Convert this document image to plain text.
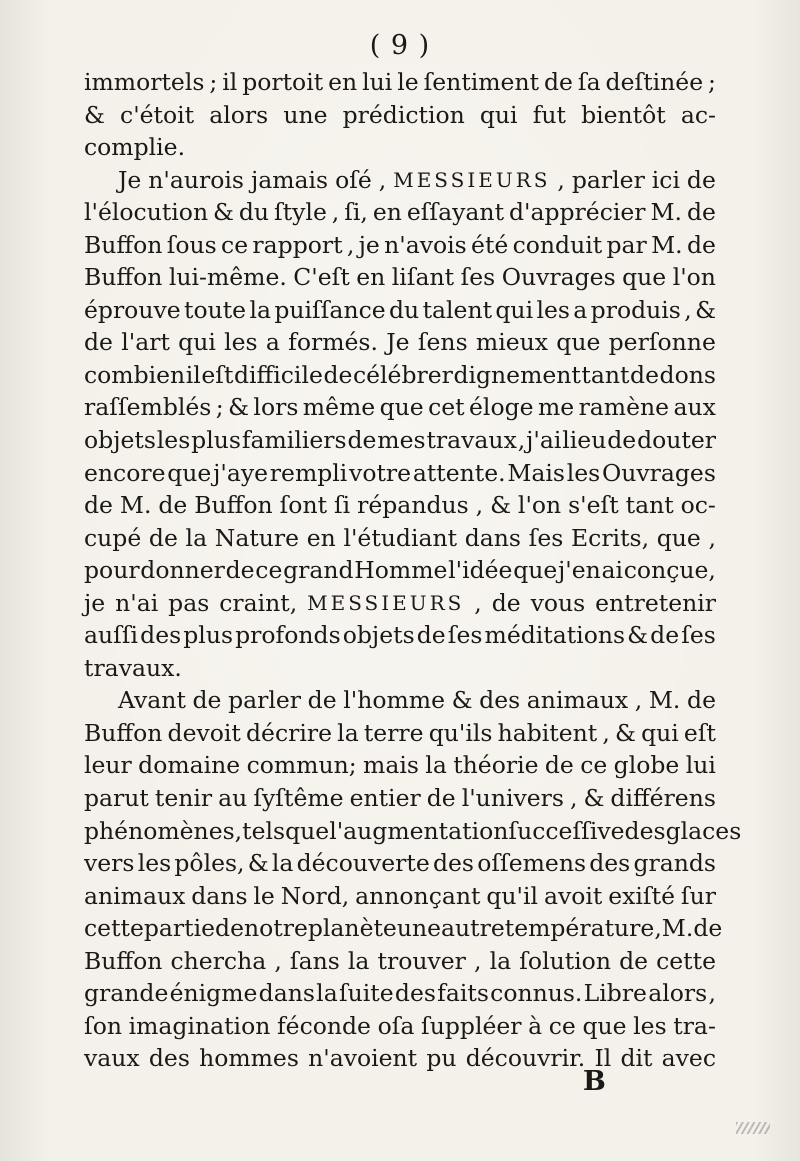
( 9 )
immortels ; il portoit en lui le ſentiment de ſa deſtinée ;
& c'étoit alors une prédiction qui fut bientôt ac-
complie.
Je n'aurois jamais oſé , MESSIEURS , parler ici de
l'élocution & du ſtyle , ſi, en eſſayant d'apprécier M. de
Buffon ſous ce rapport , je n'avois été conduit par M. de
Buffon lui-même. C'eſt en liſant ſes Ouvrages que l'on
éprouve toute la puiſſance du talent qui les a produis , &
de l'art qui les a formés. Je ſens mieux que perſonne
combien il eſt difficile de célébrer dignement tant de dons
raſſemblés ; & lors même que cet éloge me ramène aux
objets les plus familiers de mes travaux , j'ai lieu de douter
encore que j'aye rempli votre attente. Mais les Ouvrages
de M. de Buffon ſont ſi répandus , & l'on s'eſt tant oc-
cupé de la Nature en l'étudiant dans ſes Ecrits, que ,
pour donner de ce grand Homme l'idée que j'en ai conçue,
je n'ai pas craint, MESSIEURS , de vous entretenir
auſſi des plus profonds objets de ſes méditations & de ſes
travaux.
Avant de parler de l'homme & des animaux , M. de
Buffon devoit décrire la terre qu'ils habitent , & qui eſt
leur domaine commun; mais la théorie de ce globe lui
parut tenir au ſyſtême entier de l'univers , & différens
phénomènes , tels que l'augmentation ſucceſſive des glaces
vers les pôles, & la découverte des oſſemens des grands
animaux dans le Nord, annonçant qu'il avoit exiſté ſur
cette partie de notre planète une autre température , M. de
Buffon chercha , ſans la trouver , la ſolution de cette
grande énigme dans la ſuite des faits connus. Libre alors ,
ſon imagination féconde oſa ſuppléer à ce que les tra-
vaux des hommes n'avoient pu découvrir. Il dit avec
B
